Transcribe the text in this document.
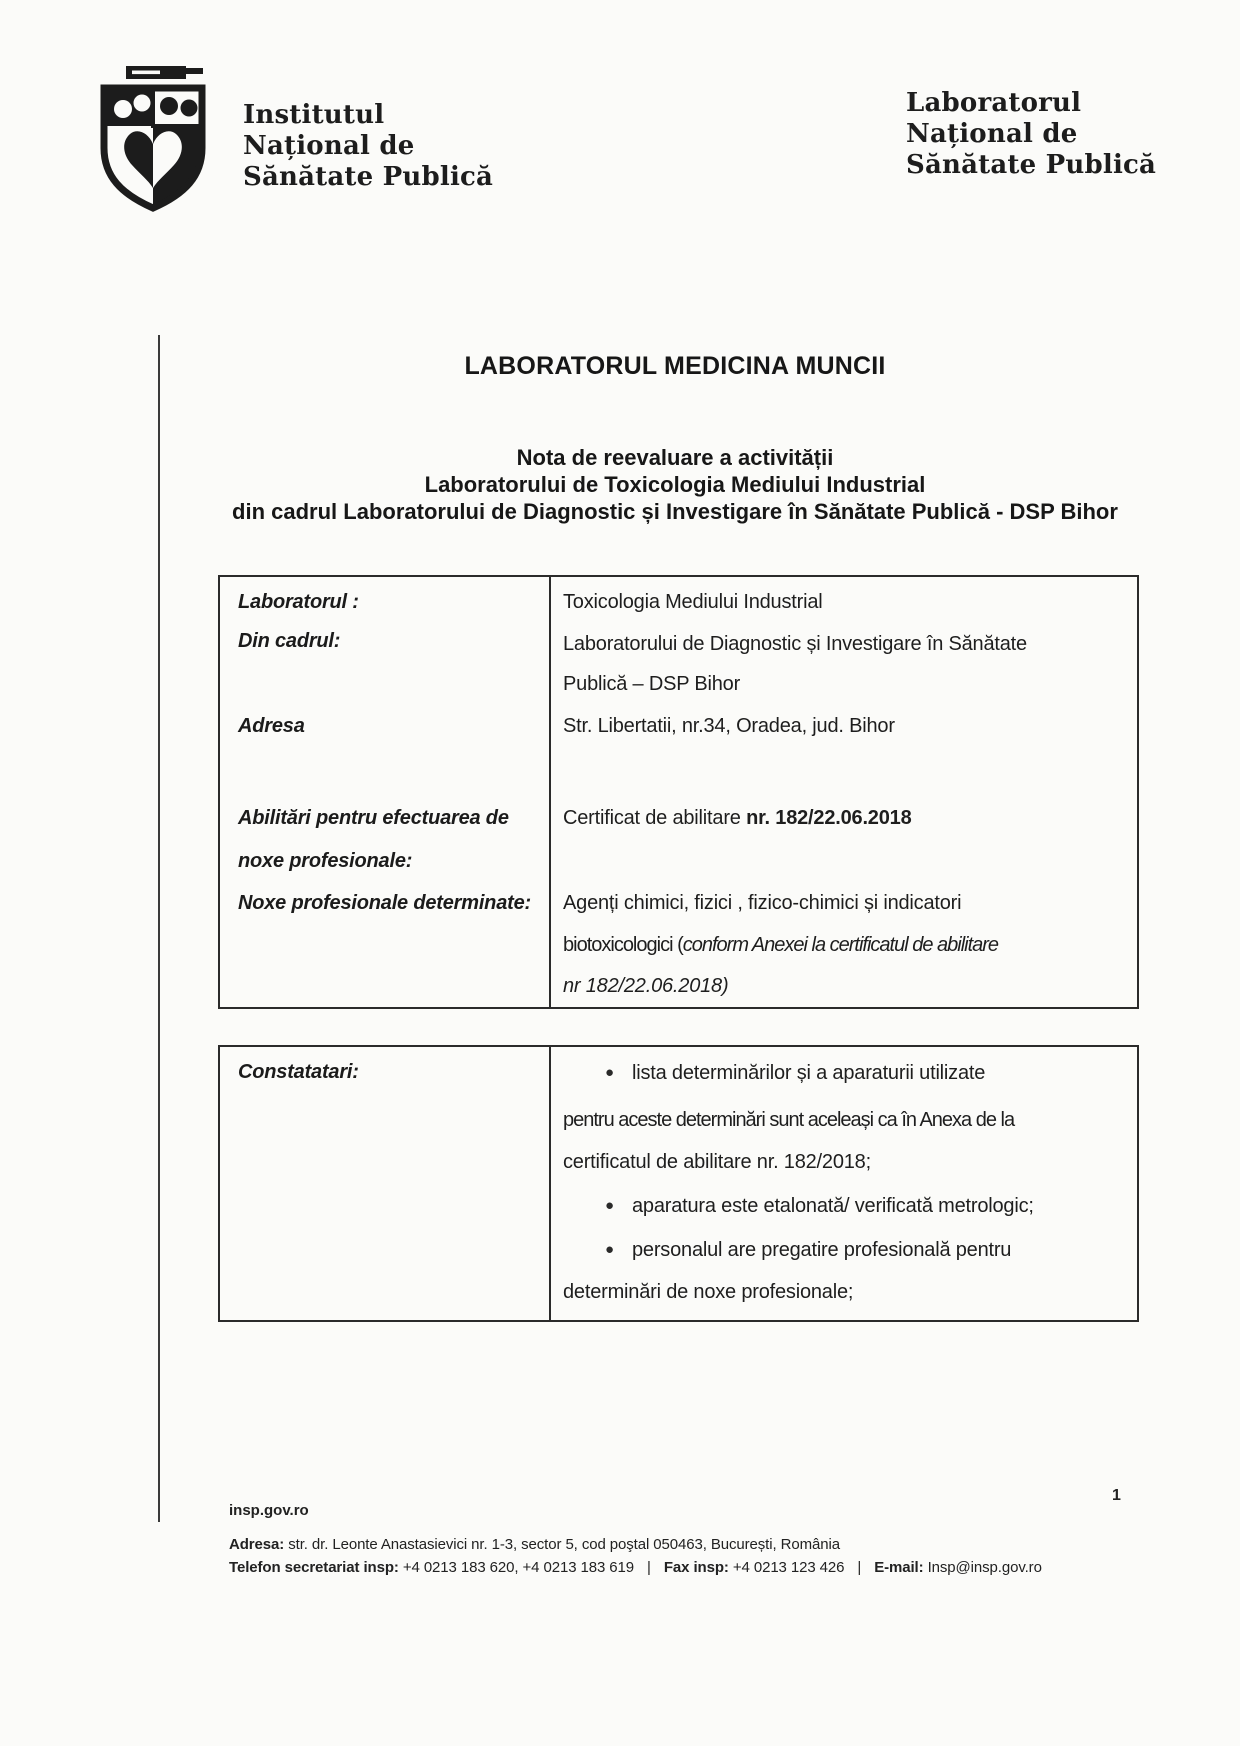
Institutul
Național de
Sănătate Publică
Laboratorul
Național de
Sănătate Publică
LABORATORUL MEDICINA MUNCII
Nota de reevaluare a activității
Laboratorului de Toxicologia Mediului Industrial
din cadrul Laboratorului de Diagnostic și Investigare în Sănătate Publică - DSP Bihor
Laboratorul :
Din cadrul:
Adresa
Abilitări pentru efectuarea de
noxe profesionale:
Noxe profesionale determinate:
Toxicologia Mediului Industrial
Laboratorului de Diagnostic și Investigare în Sănătate
Publică – DSP Bihor
Str. Libertatii, nr.34, Oradea, jud. Bihor
Certificat de abilitare nr. 182/22.06.2018
Agenți chimici, fizici , fizico-chimici și indicatori
biotoxicologici (conform Anexei la certificatul de abilitare
nr 182/22.06.2018)
Constatatari:	● lista determinărilor și a aparaturii utilizate
pentru aceste determinări sunt aceleași ca în Anexa de la
certificatul de abilitare nr. 182/2018;
● aparatura este etalonată/ verificată metrologic;
● personalul are pregatire profesională pentru
determinări de noxe profesionale;
1
insp.gov.ro
Adresa: str. dr. Leonte Anastasievici nr. 1-3, sector 5, cod poştal 050463, București, România
Telefon secretariat insp: +4 0213 183 620, +4 0213 183 619 | Fax insp: +4 0213 123 426 | E-mail: Insp@insp.gov.ro
